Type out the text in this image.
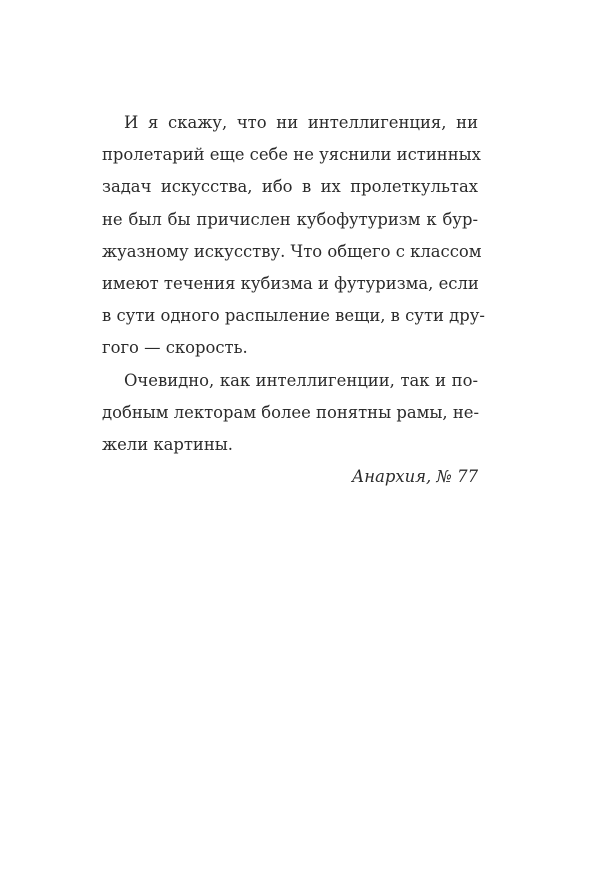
И я скажу, что ни интеллигенция, ни
пролетарий еще себе не уяснили истинных
задач искусства, ибо в их пролеткультах
не был бы причислен кубофутуризм к бур-
жуазному искусству. Что общего с классом
имеют течения кубизма и футуризма, если
в сути одного распыление вещи, в сути дру-
гого — скорость.
Очевидно, как интеллигенции, так и по-
добным лекторам более понятны рамы, не-
жели картины.
Анархия, № 77
